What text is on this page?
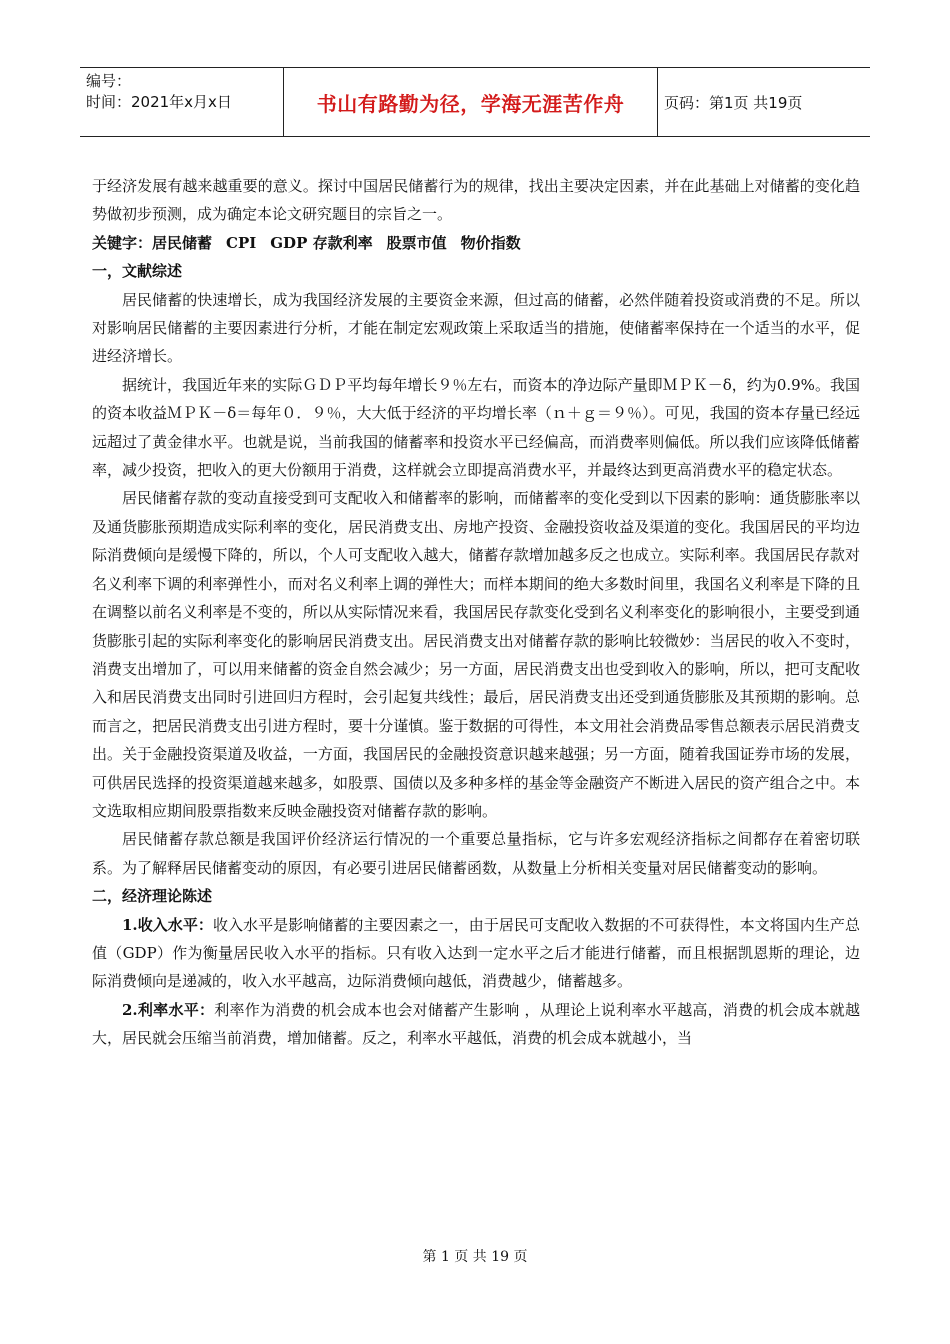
编号：
时间：2021年x月x日	书山有路勤为径，学海无涯苦作舟	页码：第1页 共19页

于经济发展有越来越重要的意义。探讨中国居民储蓄行为的规律，找出主要决定因素，并在此基础上对储蓄的变化趋势做初步预测，成为确定本论文研究题目的宗旨之一。

关键字：居民储蓄 CPI GDP 存款利率 股票市值 物价指数

一，文献综述

居民储蓄的快速增长，成为我国经济发展的主要资金来源，但过高的储蓄，必然伴随着投资或消费的不足。所以对影响居民储蓄的主要因素进行分析，才能在制定宏观政策上采取适当的措施，使储蓄率保持在一个适当的水平，促进经济增长。

据统计，我国近年来的实际ＧＤＰ平均每年增长９％左右，而资本的净边际产量即ＭＰＫ－δ，约为0.9%。我国的资本收益ＭＰＫ－δ＝每年０．９％，大大低于经济的平均增长率（ｎ＋ｇ＝９％）。可见，我国的资本存量已经远远超过了黄金律水平。也就是说，当前我国的储蓄率和投资水平已经偏高，而消费率则偏低。所以我们应该降低储蓄率，减少投资，把收入的更大份额用于消费，这样就会立即提高消费水平，并最终达到更高消费水平的稳定状态。

居民储蓄存款的变动直接受到可支配收入和储蓄率的影响，而储蓄率的变化受到以下因素的影响：通货膨胀率以及通货膨胀预期造成实际利率的变化，居民消费支出、房地产投资、金融投资收益及渠道的变化。我国居民的平均边际消费倾向是缓慢下降的，所以，个人可支配收入越大，储蓄存款增加越多反之也成立。实际利率。我国居民存款对名义利率下调的利率弹性小，而对名义利率上调的弹性大；而样本期间的绝大多数时间里，我国名义利率是下降的且在调整以前名义利率是不变的，所以从实际情况来看，我国居民存款变化受到名义利率变化的影响很小，主要受到通货膨胀引起的实际利率变化的影响居民消费支出。居民消费支出对储蓄存款的影响比较微妙：当居民的收入不变时，消费支出增加了，可以用来储蓄的资金自然会减少；另一方面，居民消费支出也受到收入的影响，所以，把可支配收入和居民消费支出同时引进回归方程时，会引起复共线性；最后，居民消费支出还受到通货膨胀及其预期的影响。总而言之，把居民消费支出引进方程时，要十分谨慎。鉴于数据的可得性，本文用社会消费品零售总额表示居民消费支出。关于金融投资渠道及收益，一方面，我国居民的金融投资意识越来越强；另一方面，随着我国证券市场的发展，可供居民选择的投资渠道越来越多，如股票、国债以及多种多样的基金等金融资产不断进入居民的资产组合之中。本文选取相应期间股票指数来反映金融投资对储蓄存款的影响。

居民储蓄存款总额是我国评价经济运行情况的一个重要总量指标，它与许多宏观经济指标之间都存在着密切联系。为了解释居民储蓄变动的原因，有必要引进居民储蓄函数，从数量上分析相关变量对居民储蓄变动的影响。

二，经济理论陈述

1.收入水平：收入水平是影响储蓄的主要因素之一，由于居民可支配收入数据的不可获得性，本文将国内生产总值（GDP）作为衡量居民收入水平的指标。只有收入达到一定水平之后才能进行储蓄，而且根据凯恩斯的理论，边际消费倾向是递减的，收入水平越高，边际消费倾向越低，消费越少，储蓄越多。

2.利率水平：利率作为消费的机会成本也会对储蓄产生影响 ，从理论上说利率水平越高，消费的机会成本就越大，居民就会压缩当前消费，增加储蓄。反之，利率水平越低，消费的机会成本就越小，当

第 1 页 共 19 页
